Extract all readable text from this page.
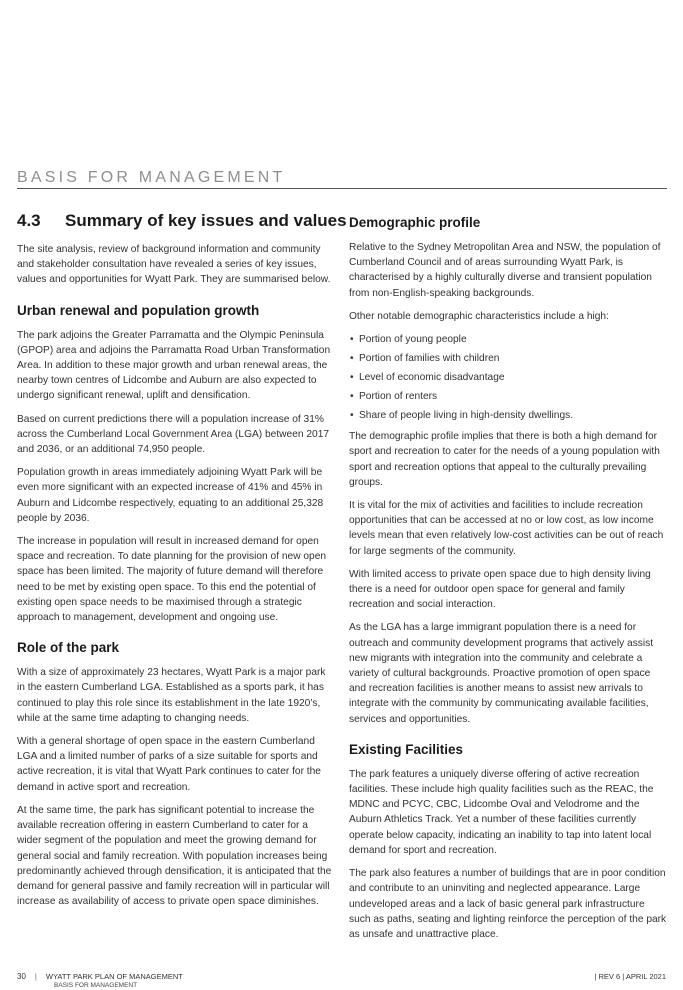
BASIS FOR MANAGEMENT
4.3 Summary of key issues and values

The site analysis, review of background information and community and stakeholder consultation have revealed a series of key issues, values and opportunities for Wyatt Park. They are summarised below.

Urban renewal and population growth

The park adjoins the Greater Parramatta and the Olympic Peninsula (GPOP) area and adjoins the Parramatta Road Urban Transformation Area. In addition to these major growth and urban renewal areas, the nearby town centres of Lidcombe and Auburn are also expected to undergo significant renewal, uplift and densification.

Based on current predictions there will a population increase of 31% across the Cumberland Local Government Area (LGA) between 2017 and 2036, or an additional 74,950 people.

Population growth in areas immediately adjoining Wyatt Park will be even more significant with an expected increase of 41% and 45% in Auburn and Lidcombe respectively, equating to an additional 25,328 people by 2036.

The increase in population will result in increased demand for open space and recreation. To date planning for the provision of new open space has been limited. The majority of future demand will therefore need to be met by existing open space. To this end the potential of existing open space needs to be maximised through a strategic approach to management, development and ongoing use.

Role of the park

With a size of approximately 23 hectares, Wyatt Park is a major park in the eastern Cumberland LGA. Established as a sports park, it has continued to play this role since its establishment in the late 1920’s, while at the same time adapting to changing needs.

With a general shortage of open space in the eastern Cumberland LGA and a limited number of parks of a size suitable for sports and active recreation, it is vital that Wyatt Park continues to cater for the demand in active sport and recreation.

At the same time, the park has significant potential to increase the available recreation offering in eastern Cumberland to cater for a wider segment of the population and meet the growing demand for general social and family recreation. With population increases being predominantly achieved through densification, it is anticipated that the demand for general passive and family recreation will in particular will increase as availability of access to private open space diminishes.

Demographic profile

Relative to the Sydney Metropolitan Area and NSW, the population of Cumberland Council and of areas surrounding Wyatt Park, is characterised by a highly culturally diverse and transient population from non-English-speaking backgrounds.

Other notable demographic characteristics include a high:

• Portion of young people
• Portion of families with children
• Level of economic disadvantage
• Portion of renters
• Share of people living in high-density dwellings.

The demographic profile implies that there is both a high demand for sport and recreation to cater for the needs of a young population with sport and recreation options that appeal to the culturally prevailing groups.

It is vital for the mix of activities and facilities to include recreation opportunities that can be accessed at no or low cost, as low income levels mean that even relatively low-cost activities can be out of reach for large segments of the community.

With limited access to private open space due to high density living there is a need for outdoor open space for general and family recreation and social interaction.

As the LGA has a large immigrant population there is a need for outreach and community development programs that actively assist new migrants with integration into the community and celebrate a variety of cultural backgrounds. Proactive promotion of open space and recreation facilities is another means to assist new arrivals to integrate with the community by communicating available facilities, services and opportunities.

Existing Facilities

The park features a uniquely diverse offering of active recreation facilities. These include high quality facilities such as the REAC, the MDNC and PCYC, CBC, Lidcombe Oval and Velodrome and the Auburn Athletics Track. Yet a number of these facilities currently operate below capacity, indicating an inability to tap into latent local demand for sport and recreation.

The park also features a number of buildings that are in poor condition and contribute to an uninviting and neglected appearance. Large undeveloped areas and a lack of basic general park infrastructure such as paths, seating and lighting reinforce the perception of the park as unsafe and unattractive place.

30 | WYATT PARK PLAN OF MANAGEMENT
BASIS FOR MANAGEMENT
| REV 6 | APRIL 2021
